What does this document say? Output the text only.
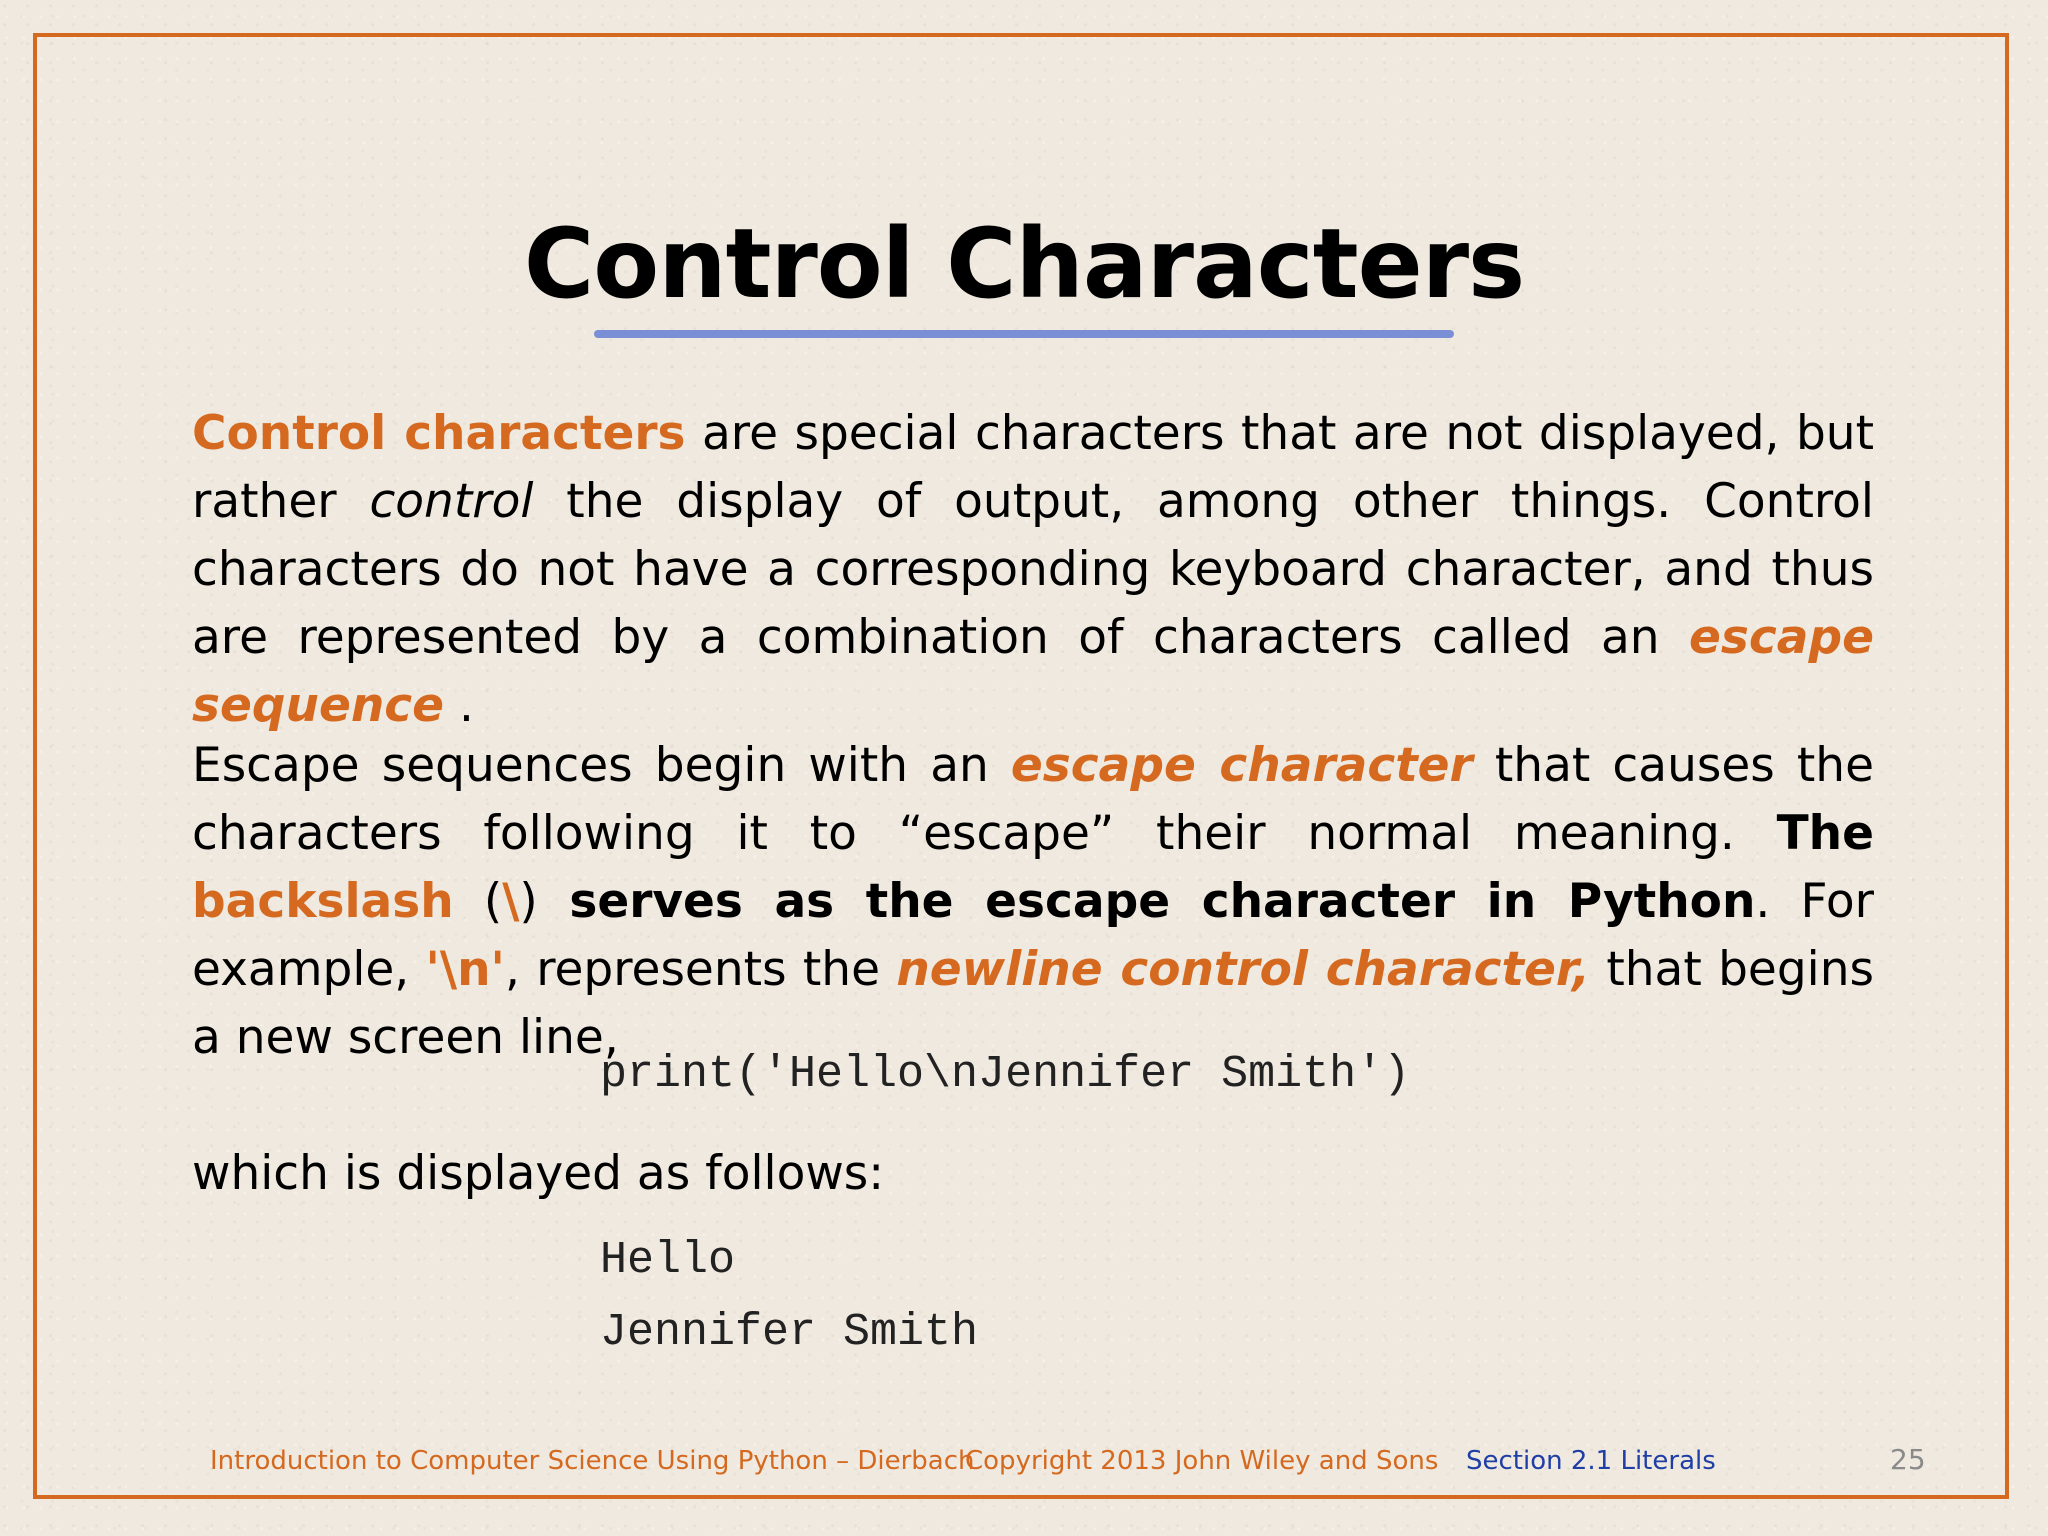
Control Characters

Control characters are special characters that are not displayed, but rather control the display of output, among other things. Control characters do not have a corresponding keyboard character, and thus are represented by a combination of characters called an escape sequence .

Escape sequences begin with an escape character that causes the characters following it to “escape” their normal meaning. The backslash (\) serves as the escape character in Python. For example, '\n', represents the newline control character, that begins a new screen line,

print('Hello\nJennifer Smith')

which is displayed as follows:

Hello
Jennifer Smith
Introduction to Computer Science Using Python – Dierbach
Copyright 2013 John Wiley and Sons Section 2.1 Literals	25
